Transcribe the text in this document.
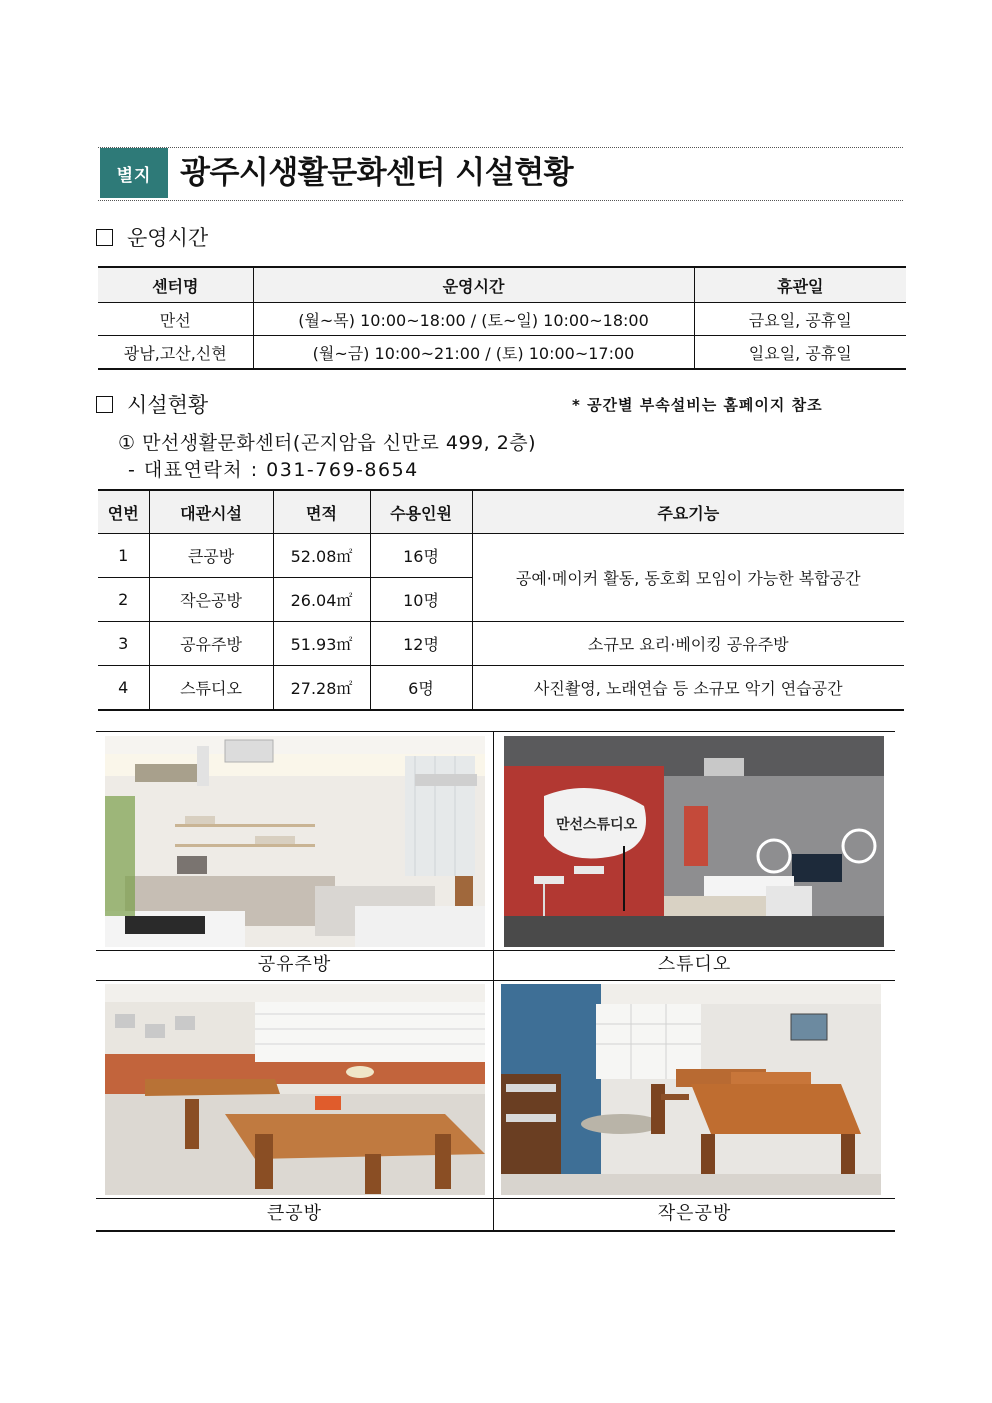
별지 광주시생활문화센터 시설현황
운영시간
센터명	운영시간	휴관일
만선	(월~목) 10:00~18:00 / (토~일) 10:00~18:00	금요일, 공휴일
광남,고산,신현	(월~금) 10:00~21:00 / (토) 10:00~17:00	일요일, 공휴일
시설현황	* 공간별 부속설비는 홈페이지 참조
① 만선생활문화센터(곤지암읍 신만로 499, 2층)
- 대표연락처 : 031-769-8654
연번	대관시설	면적	수용인원	주요기능
1	큰공방	52.08㎡	16명	공예·메이커 활동, 동호회 모임이 가능한 복합공간
2	작은공방	26.04㎡	10명	
3	공유주방	51.93㎡	12명	소규모 요리·베이킹 공유주방
4	스튜디오	27.28㎡	6명	사진촬영, 노래연습 등 소규모 악기 연습공간
만선스튜디오
공유주방	스튜디오
큰공방	작은공방
